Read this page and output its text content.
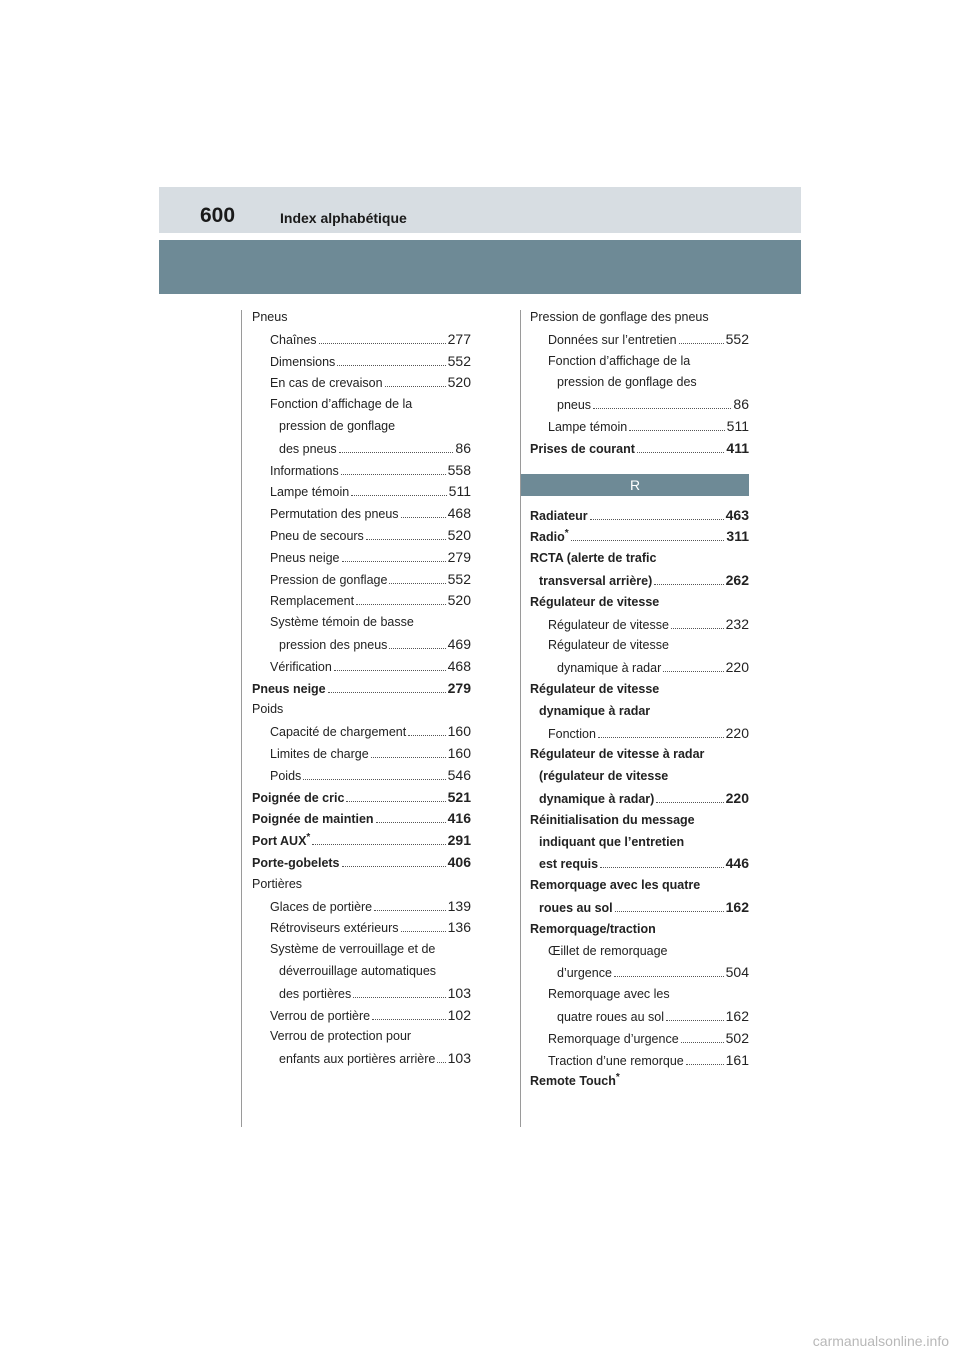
600	Index alphabétique
Pneus
Chaînes	277
Dimensions	552
En cas de crevaison	520
Fonction d’affichage de la
pression de gonflage
des pneus	86
Informations	558
Lampe témoin	511
Permutation des pneus	468
Pneu de secours	520
Pneus neige	279
Pression de gonflage	552
Remplacement	520
Système témoin de basse
pression des pneus	469
Vérification	468
Pneus neige	279
Poids
Capacité de chargement	160
Limites de charge	160
Poids	546
Poignée de cric	521
Poignée de maintien	416
Port AUX*	291
Porte-gobelets	406
Portières
Glaces de portière	139
Rétroviseurs extérieurs	136
Système de verrouillage et de
déverrouillage automatiques
des portières	103
Verrou de portière	102
Verrou de protection pour
enfants aux portières arrière 103
Pression de gonflage des pneus
Données sur l’entretien	552
Fonction d’affichage de la
pression de gonflage des
pneus	86
Lampe témoin	511
Prises de courant	411
R
Radiateur	463
Radio*	311
RCTA (alerte de trafic
transversal arrière)	262
Régulateur de vitesse
Régulateur de vitesse	232
Régulateur de vitesse
dynamique à radar	220
Régulateur de vitesse
dynamique à radar
Fonction	220
Régulateur de vitesse à radar
(régulateur de vitesse
dynamique à radar)	220
Réinitialisation du message
indiquant que l’entretien
est requis	446
Remorquage avec les quatre
roues au sol	162
Remorquage/traction
Œillet de remorquage
d’urgence	504
Remorquage avec les
quatre roues au sol	162
Remorquage d’urgence	502
Traction d’une remorque	161
Remote Touch*
carmanualsonline.info
